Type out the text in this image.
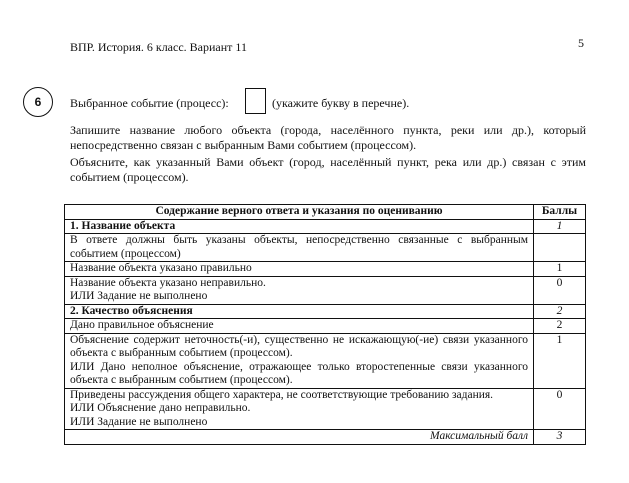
ВПР. История. 6 класс. Вариант 11	5
6 Выбранное событие (процесс):	(укажите букву в перечне).
Запишите название любого объекта (города, населённого пункта, реки или др.), который непосредственно связан с выбранным Вами событием (процессом).
Объясните, как указанный Вами объект (город, населённый пункт, река или др.) связан с этим событием (процессом).
Содержание верного ответа и указания по оцениванию	Баллы
1. Название объекта	1
В ответе должны быть указаны объекты, непосредственно связанные с выбранным событием (процессом)	
Название объекта указано правильно	1

Название объекта указано неправильно.
ИЛИ Задание не выполнено	0
2. Качество объяснения	2
Дано правильное объяснение	2

Объяснение содержит неточность(-и), существенно не искажающую(-ие) связи указанного объекта с выбранным событием (процессом).
ИЛИ Дано неполное объяснение, отражающее только второстепенные связи указанного объекта с выбранным событием (процессом).	1

Приведены рассуждения общего характера, не соответствующие требованию задания.
ИЛИ Объяснение дано неправильно.
ИЛИ Задание не выполнено	0
Максимальный балл	3
